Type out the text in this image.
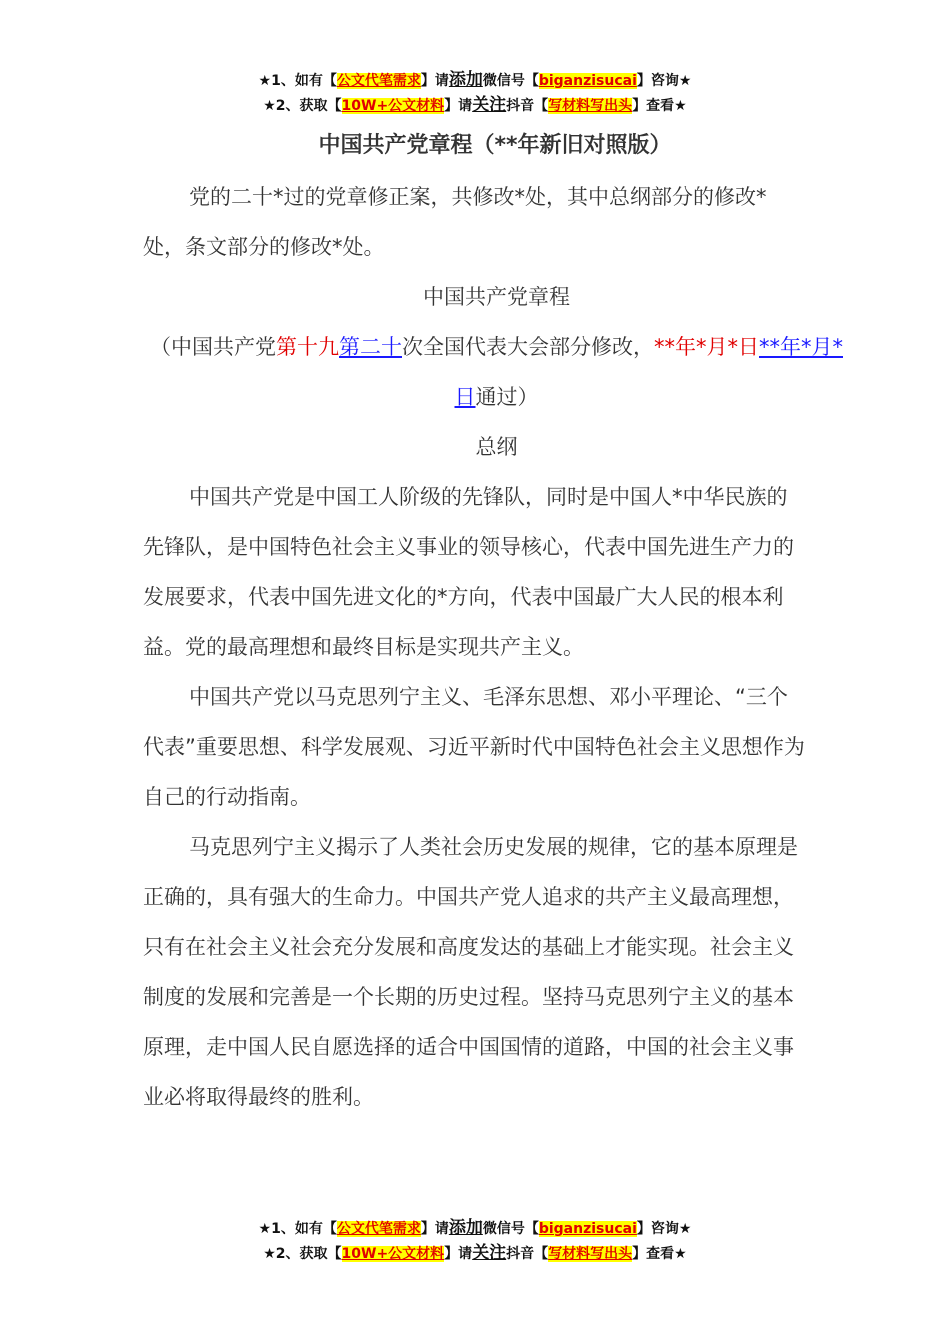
★1、如有【公文代笔需求】请添加微信号【biganzisucai】咨询★
★2、获取【10W+公文材料】请关注抖音【写材料写出头】查看★
中国共产党章程（**年新旧对照版）
党的二十*过的党章修正案，共修改*处，其中总纲部分的修改*处，条文部分的修改*处。
中国共产党章程
（中国共产党第十九第二十次全国代表大会部分修改，**年*月*日**年*月*日通过）
总纲
中国共产党是中国工人阶级的先锋队，同时是中国人*中华民族的先锋队，是中国特色社会主义事业的领导核心，代表中国先进生产力的发展要求，代表中国先进文化的*方向，代表中国最广大人民的根本利益。党的最高理想和最终目标是实现共产主义。
中国共产党以马克思列宁主义、毛泽东思想、邓小平理论、“三个代表”重要思想、科学发展观、习近平新时代中国特色社会主义思想作为自己的行动指南。
马克思列宁主义揭示了人类社会历史发展的规律，它的基本原理是正确的，具有强大的生命力。中国共产党人追求的共产主义最高理想，只有在社会主义社会充分发展和高度发达的基础上才能实现。社会主义制度的发展和完善是一个长期的历史过程。坚持马克思列宁主义的基本原理，走中国人民自愿选择的适合中国国情的道路，中国的社会主义事业必将取得最终的胜利。
★1、如有【公文代笔需求】请添加微信号【biganzisucai】咨询★
★2、获取【10W+公文材料】请关注抖音【写材料写出头】查看★
